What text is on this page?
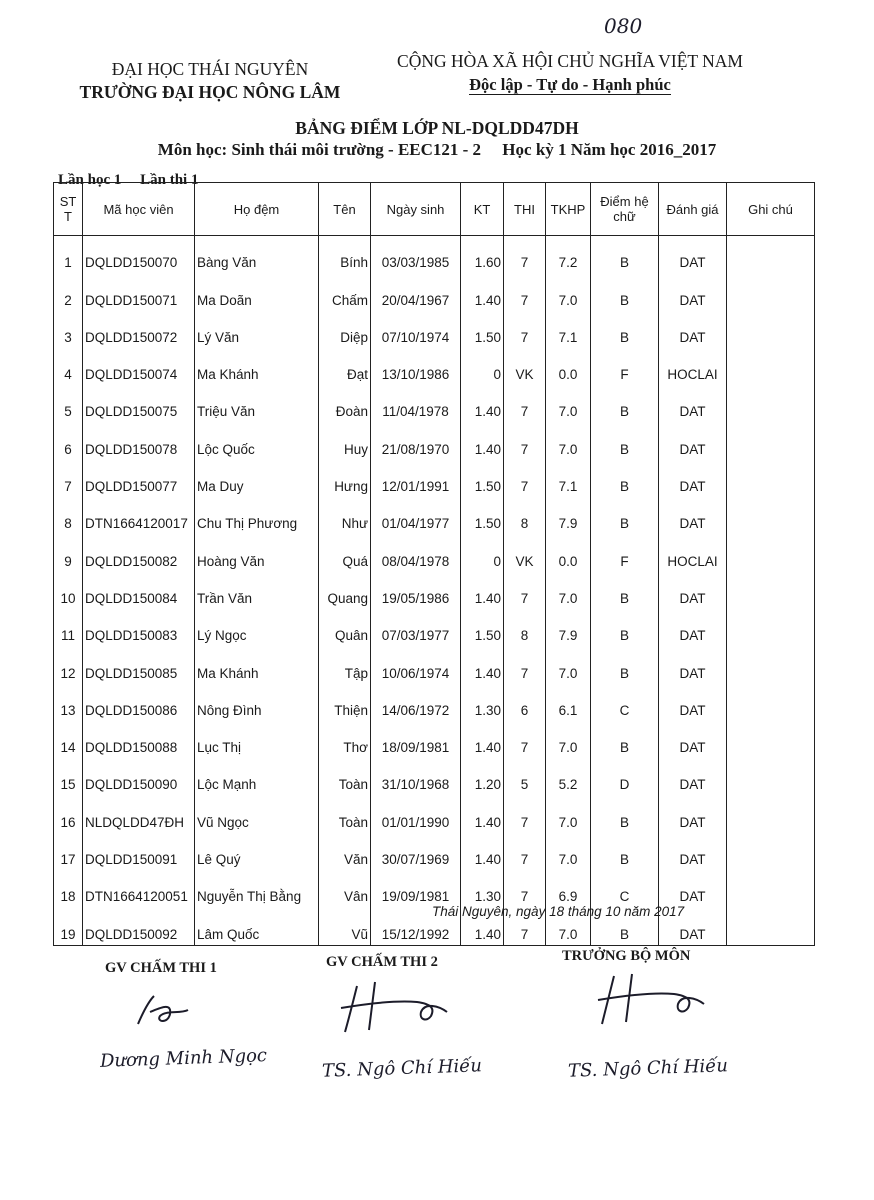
080
ĐẠI HỌC THÁI NGUYÊN
TRƯỜNG ĐẠI HỌC NÔNG LÂM
CỘNG HÒA XÃ HỘI CHỦ NGHĨA VIỆT NAM
Độc lập - Tự do - Hạnh phúc
BẢNG ĐIỂM LỚP NL-DQLDD47DH
Môn học: Sinh thái môi trường - EEC121 - 2     Học kỳ 1 Năm học 2016_2017
Lần học 1     Lần thi 1
ST T	Mã học viên	Họ đệm	Tên	Ngày sinh	KT	THI	TKHP	Điểm hệ chữ	Đánh giá	Ghi chú
1	DQLDD150070	Bàng Văn	Bính	03/03/1985	1.60	7	7.2	B	DAT	
2	DQLDD150071	Ma Doãn	Chấm	20/04/1967	1.40	7	7.0	B	DAT	
3	DQLDD150072	Lý Văn	Diệp	07/10/1974	1.50	7	7.1	B	DAT	
4	DQLDD150074	Ma Khánh	Đạt	13/10/1986	0	VK	0.0	F	HOCLAI	
5	DQLDD150075	Triệu Văn	Đoàn	11/04/1978	1.40	7	7.0	B	DAT	
6	DQLDD150078	Lộc Quốc	Huy	21/08/1970	1.40	7	7.0	B	DAT	
7	DQLDD150077	Ma Duy	Hưng	12/01/1991	1.50	7	7.1	B	DAT	
8	DTN1664120017	Chu Thị Phương	Như	01/04/1977	1.50	8	7.9	B	DAT	
9	DQLDD150082	Hoàng Văn	Quá	08/04/1978	0	VK	0.0	F	HOCLAI	
10	DQLDD150084	Trần Văn	Quang	19/05/1986	1.40	7	7.0	B	DAT	
11	DQLDD150083	Lý Ngọc	Quân	07/03/1977	1.50	8	7.9	B	DAT	
12	DQLDD150085	Ma Khánh	Tập	10/06/1974	1.40	7	7.0	B	DAT	
13	DQLDD150086	Nông Đình	Thiện	14/06/1972	1.30	6	6.1	C	DAT	
14	DQLDD150088	Lục Thị	Thơ	18/09/1981	1.40	7	7.0	B	DAT	
15	DQLDD150090	Lộc Mạnh	Toàn	31/10/1968	1.20	5	5.2	D	DAT	
16	NLDQLDD47ĐH	Vũ Ngọc	Toàn	01/01/1990	1.40	7	7.0	B	DAT	
17	DQLDD150091	Lê Quý	Văn	30/07/1969	1.40	7	7.0	B	DAT	
18	DTN1664120051	Nguyễn Thị Bằng	Vân	19/09/1981	1.30	7	6.9	C	DAT	
19	DQLDD150092	Lâm Quốc	Vũ	15/12/1992	1.40	7	7.0	B	DAT	
Thái Nguyên, ngày 18 tháng 10 năm 2017
GV CHẤM THI 1	GV CHẤM THI 2	TRƯỞNG BỘ MÔN
Dương Minh Ngọc	TS. Ngô Chí Hiếu	TS. Ngô Chí Hiếu
